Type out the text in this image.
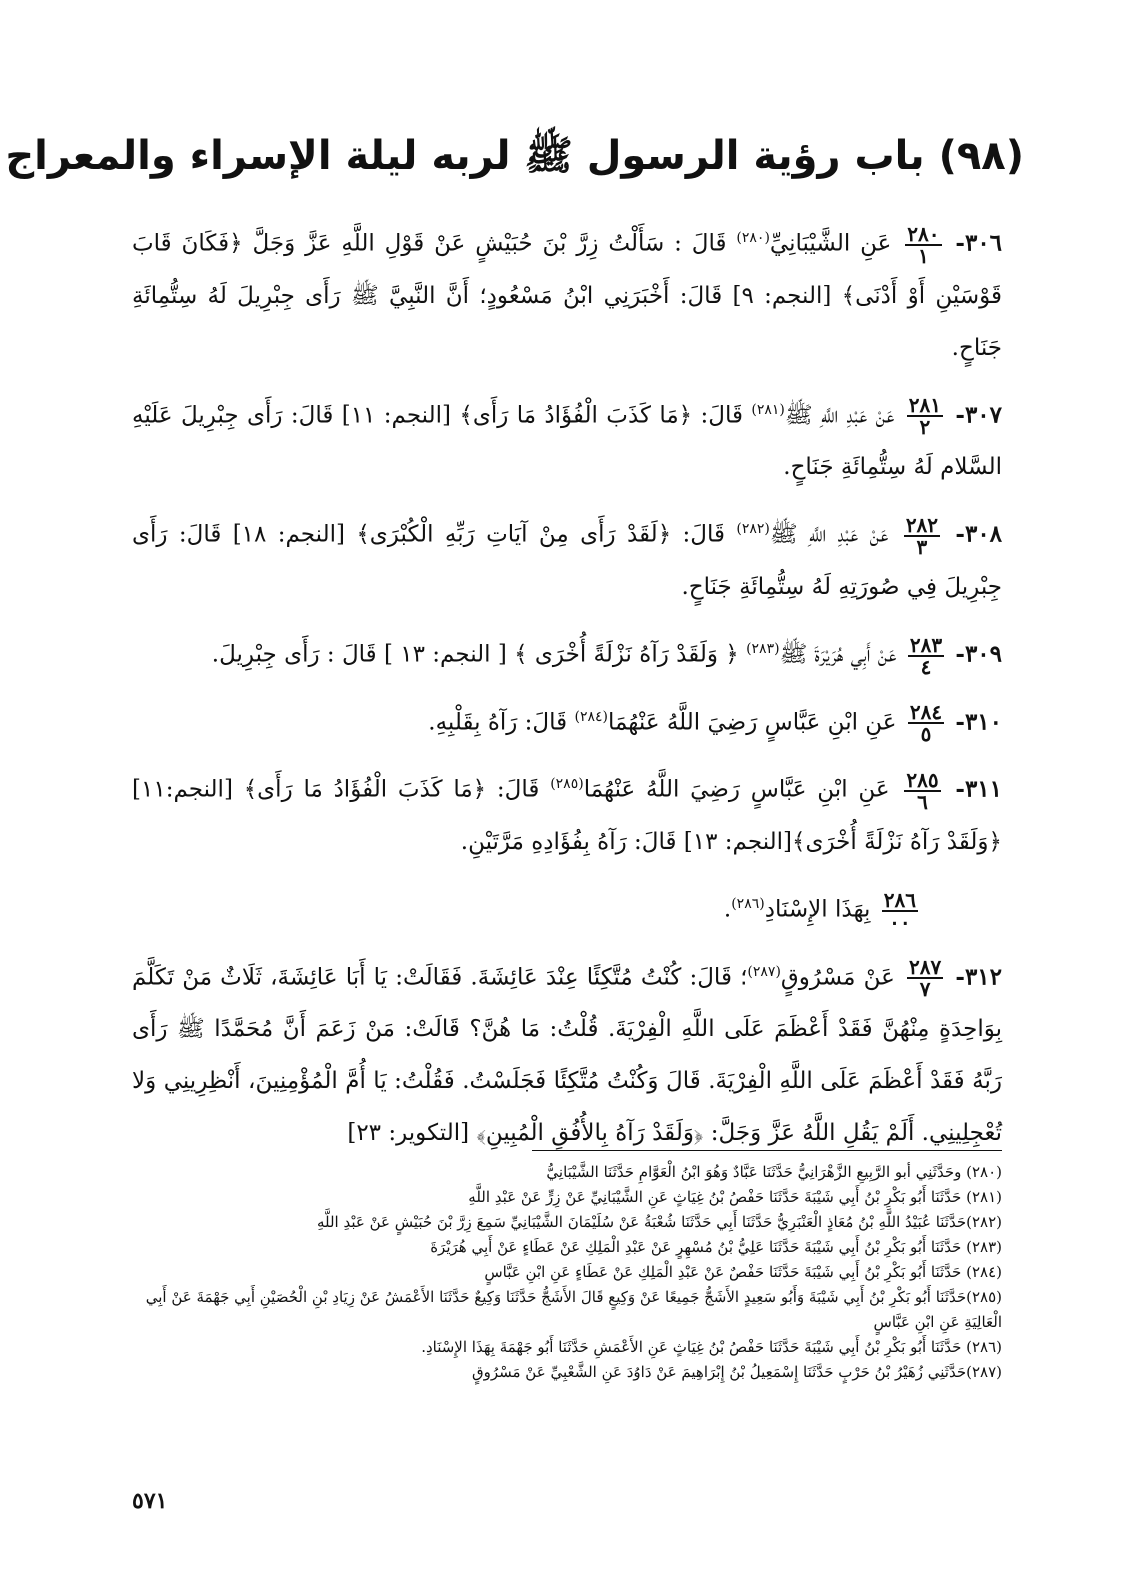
(٩٨) باب رؤية الرسول ﷺ لربه ليلة الإسراء والمعراج

٣٠٦-
٢٨٠
١
عَنِ الشَّيْبَانِيِّ$^{(٢٨٠)}$ قَالَ : سَأَلْتُ زِرَّ بْنَ حُبَيْشٍ عَنْ قَوْلِ اللَّهِ عَزَّ وَجَلَّ ﴿فَكَانَ قَابَ قَوْسَيْنِ أَوْ أَدْنَى﴾ [النجم: ٩] قَالَ: أَخْبَرَنِي ابْنُ مَسْعُودٍ؛ أَنَّ النَّبِيَّ ﷺ رَأَى جِبْرِيلَ لَهُ سِتُّمِائَةِ جَنَاحٍ.

٣٠٧-
٢٨١
٢
عَنْ عَبْدِ اللَّهِ ﷺ$^{(٢٨١)}$ قَالَ: ﴿مَا كَذَبَ الْفُؤَادُ مَا رَأَى﴾ [النجم: ١١] قَالَ: رَأَى جِبْرِيلَ عَلَيْهِ السَّلام لَهُ سِتُّمِائَةِ جَنَاحٍ.

٣٠٨-
٢٨٢
٣
عَنْ عَبْدِ اللَّهِ ﷺ$^{(٢٨٢)}$ قَالَ: ﴿لَقَدْ رَأَى مِنْ آيَاتِ رَبِّهِ الْكُبْرَى﴾ [النجم: ١٨] قَالَ: رَأَى جِبْرِيلَ فِي صُورَتِهِ لَهُ سِتُّمِائَةِ جَنَاحٍ.

٣٠٩-
٢٨٣
٤
عَنْ أَبِي هُرَيْرَةَ ﷺ$^{(٢٨٣)}$ ﴿ وَلَقَدْ رَآهُ نَزْلَةً أُخْرَى ﴾ [ النجم: ١٣ ] قَالَ : رَأَى جِبْرِيلَ.

٣١٠-
٢٨٤
٥
عَنِ ابْنِ عَبَّاسٍ رَضِيَ اللَّهُ عَنْهُمَا$^{(٢٨٤)}$ قَالَ: رَآهُ بِقَلْبِهِ.

٣١١-
٢٨٥
٦
عَنِ ابْنِ عَبَّاسٍ رَضِيَ اللَّهُ عَنْهُمَا$^{(٢٨٥)}$ قَالَ: ﴿مَا كَذَبَ الْفُؤَادُ مَا رَأَى﴾ [النجم:١١] ﴿وَلَقَدْ رَآهُ نَزْلَةً أُخْرَى﴾[النجم: ١٣] قَالَ: رَآهُ بِفُؤَادِهِ مَرَّتَيْنِ.

٢٨٦
٠٠
بِهَذَا الإِسْنَادِ$^{(٢٨٦)}$.

٣١٢-
٢٨٧
٧
عَنْ مَسْرُوقٍ$^{(٢٨٧)}$؛ قَالَ: كُنْتُ مُتَّكِئًا عِنْدَ عَائِشَةَ. فَقَالَتْ: يَا أَبَا عَائِشَةَ، ثَلَاثٌ مَنْ تَكَلَّمَ بِوَاحِدَةٍ مِنْهُنَّ فَقَدْ أَعْظَمَ عَلَى اللَّهِ الْفِرْيَةَ. قُلْتُ: مَا هُنَّ؟ قَالَتْ: مَنْ زَعَمَ أَنَّ مُحَمَّدًا ﷺ رَأَى رَبَّهُ فَقَدْ أَعْظَمَ عَلَى اللَّهِ الْفِرْيَةَ. قَالَ وَكُنْتُ مُتَّكِئًا فَجَلَسْتُ. فَقُلْتُ: يَا أُمَّ الْمُؤْمِنِينَ، أَنْظِرِينِي وَلا تُعْجِلِينِي. أَلَمْ يَقُلِ اللَّهُ عَزَّ وَجَلَّ: ﴿وَلَقَدْ رَآهُ بِالأُفُقِ الْمُبِينِ﴾ [التكوير: ٢٣]

(٢٨٠) وحَدَّثَنِي أبو الرَّبِيعِ الزَّهْرَانِيُّ حَدَّثَنَا عَبَّادٌ وَهُوَ ابْنُ الْعَوَّامِ حَدَّثَنَا الشَّيْبَانِيُّ

(٢٨١) حَدَّثَنَا أَبُو بَكْرِ بْنُ أَبِي شَيْبَةَ حَدَّثَنَا حَفْصُ بْنُ غِيَاثٍ عَنِ الشَّيْبَانِيِّ عَنْ زِرٍّ عَنْ عَبْدِ اللَّهِ

(٢٨٢)حَدَّثَنَا عُبَيْدُ اللَّهِ بْنُ مُعَاذٍ الْعَنْبَرِيُّ حَدَّثَنَا أَبِي حَدَّثَنَا شُعْبَةُ عَنْ سُلَيْمَانَ الشَّيْبَانِيِّ سَمِعَ زِرَّ بْنَ حُبَيْشٍ عَنْ عَبْدِ اللَّهِ

(٢٨٣) حَدَّثَنَا أَبُو بَكْرِ بْنُ أَبِي شَيْبَةَ حَدَّثَنَا عَلِيُّ بْنُ مُسْهِرٍ عَنْ عَبْدِ الْمَلِكِ عَنْ عَطَاءٍ عَنْ أَبِي هُرَيْرَةَ

(٢٨٤) حَدَّثَنَا أَبُو بَكْرِ بْنُ أَبِي شَيْبَةَ حَدَّثَنَا حَفْصٌ عَنْ عَبْدِ الْمَلِكِ عَنْ عَطَاءٍ عَنِ ابْنِ عَبَّاسٍ

(٢٨٥)حَدَّثَنَا أَبُو بَكْرِ بْنُ أَبِي شَيْبَةَ وَأَبُو سَعِيدٍ الأَشَجُّ جَمِيعًا عَنْ وَكِيعٍ قَالَ الأَشَجُّ حَدَّثَنَا وَكِيعٌ حَدَّثَنَا الأَعْمَشُ عَنْ زِيَادِ بْنِ الْحُصَيْنِ أَبِي جَهْمَةَ عَنْ أَبِي الْعَالِيَةِ عَنِ ابْنِ عَبَّاسٍ

(٢٨٦) حَدَّثَنَا أَبُو بَكْرِ بْنُ أَبِي شَيْبَةَ حَدَّثَنَا حَفْصُ بْنُ غِيَاثٍ عَنِ الأَعْمَشِ حَدَّثَنَا أَبُو جَهْمَةَ بِهَذَا الإِسْنَادِ.

(٢٨٧)حَدَّثَنِي زُهَيْرُ بْنُ حَرْبٍ حَدَّثَنَا إِسْمَعِيلُ بْنُ إِبْرَاهِيمَ عَنْ دَاوُدَ عَنِ الشَّعْبِيِّ عَنْ مَسْرُوقٍ

٥٧١
